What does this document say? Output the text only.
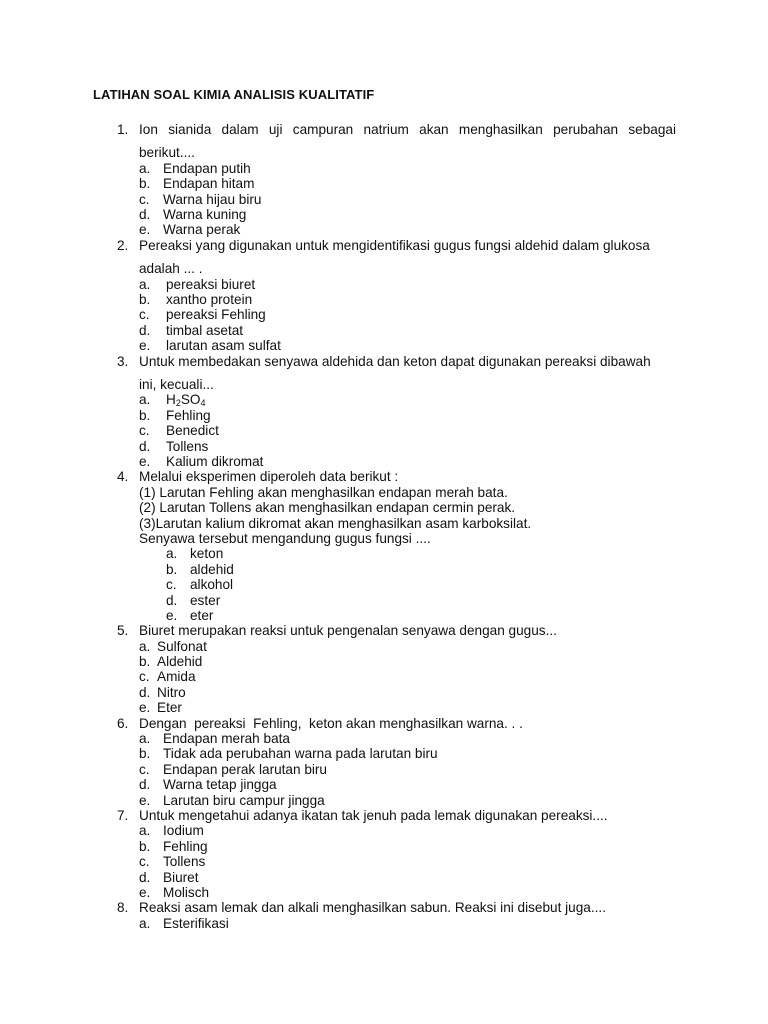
LATIHAN SOAL KIMIA ANALISIS KUALITATIF
1. Ion sianida dalam uji campuran natrium akan menghasilkan perubahan sebagai
berikut....
a. Endapan putih
b. Endapan hitam
c. Warna hijau biru
d. Warna kuning
e. Warna perak
2. Pereaksi yang digunakan untuk mengidentifikasi gugus fungsi aldehid dalam glukosa
adalah ... .
a. pereaksi biuret
b. xantho protein
c. pereaksi Fehling
d. timbal asetat
e. larutan asam sulfat
3. Untuk membedakan senyawa aldehida dan keton dapat digunakan pereaksi dibawah
ini, kecuali...
a. $H_2SO_4$
b. Fehling
c. Benedict
d. Tollens
e. Kalium dikromat
4. Melalui eksperimen diperoleh data berikut :
(1) Larutan Fehling akan menghasilkan endapan merah bata.
(2) Larutan Tollens akan menghasilkan endapan cermin perak.
(3)Larutan kalium dikromat akan menghasilkan asam karboksilat.
Senyawa tersebut mengandung gugus fungsi ....
a. keton
b. aldehid
c. alkohol
d. ester
e. eter
5. Biuret merupakan reaksi untuk pengenalan senyawa dengan gugus...
a. Sulfonat
b. Aldehid
c. Amida
d. Nitro
e. Eter
6. Dengan  pereaksi  Fehling,  keton akan menghasilkan warna. . .
a. Endapan merah bata
b. Tidak ada perubahan warna pada larutan biru
c. Endapan perak larutan biru
d. Warna tetap jingga
e. Larutan biru campur jingga
7. Untuk mengetahui adanya ikatan tak jenuh pada lemak digunakan pereaksi....
a. Iodium
b. Fehling
c. Tollens
d. Biuret
e. Molisch
8. Reaksi asam lemak dan alkali menghasilkan sabun. Reaksi ini disebut juga....
a. Esterifikasi
